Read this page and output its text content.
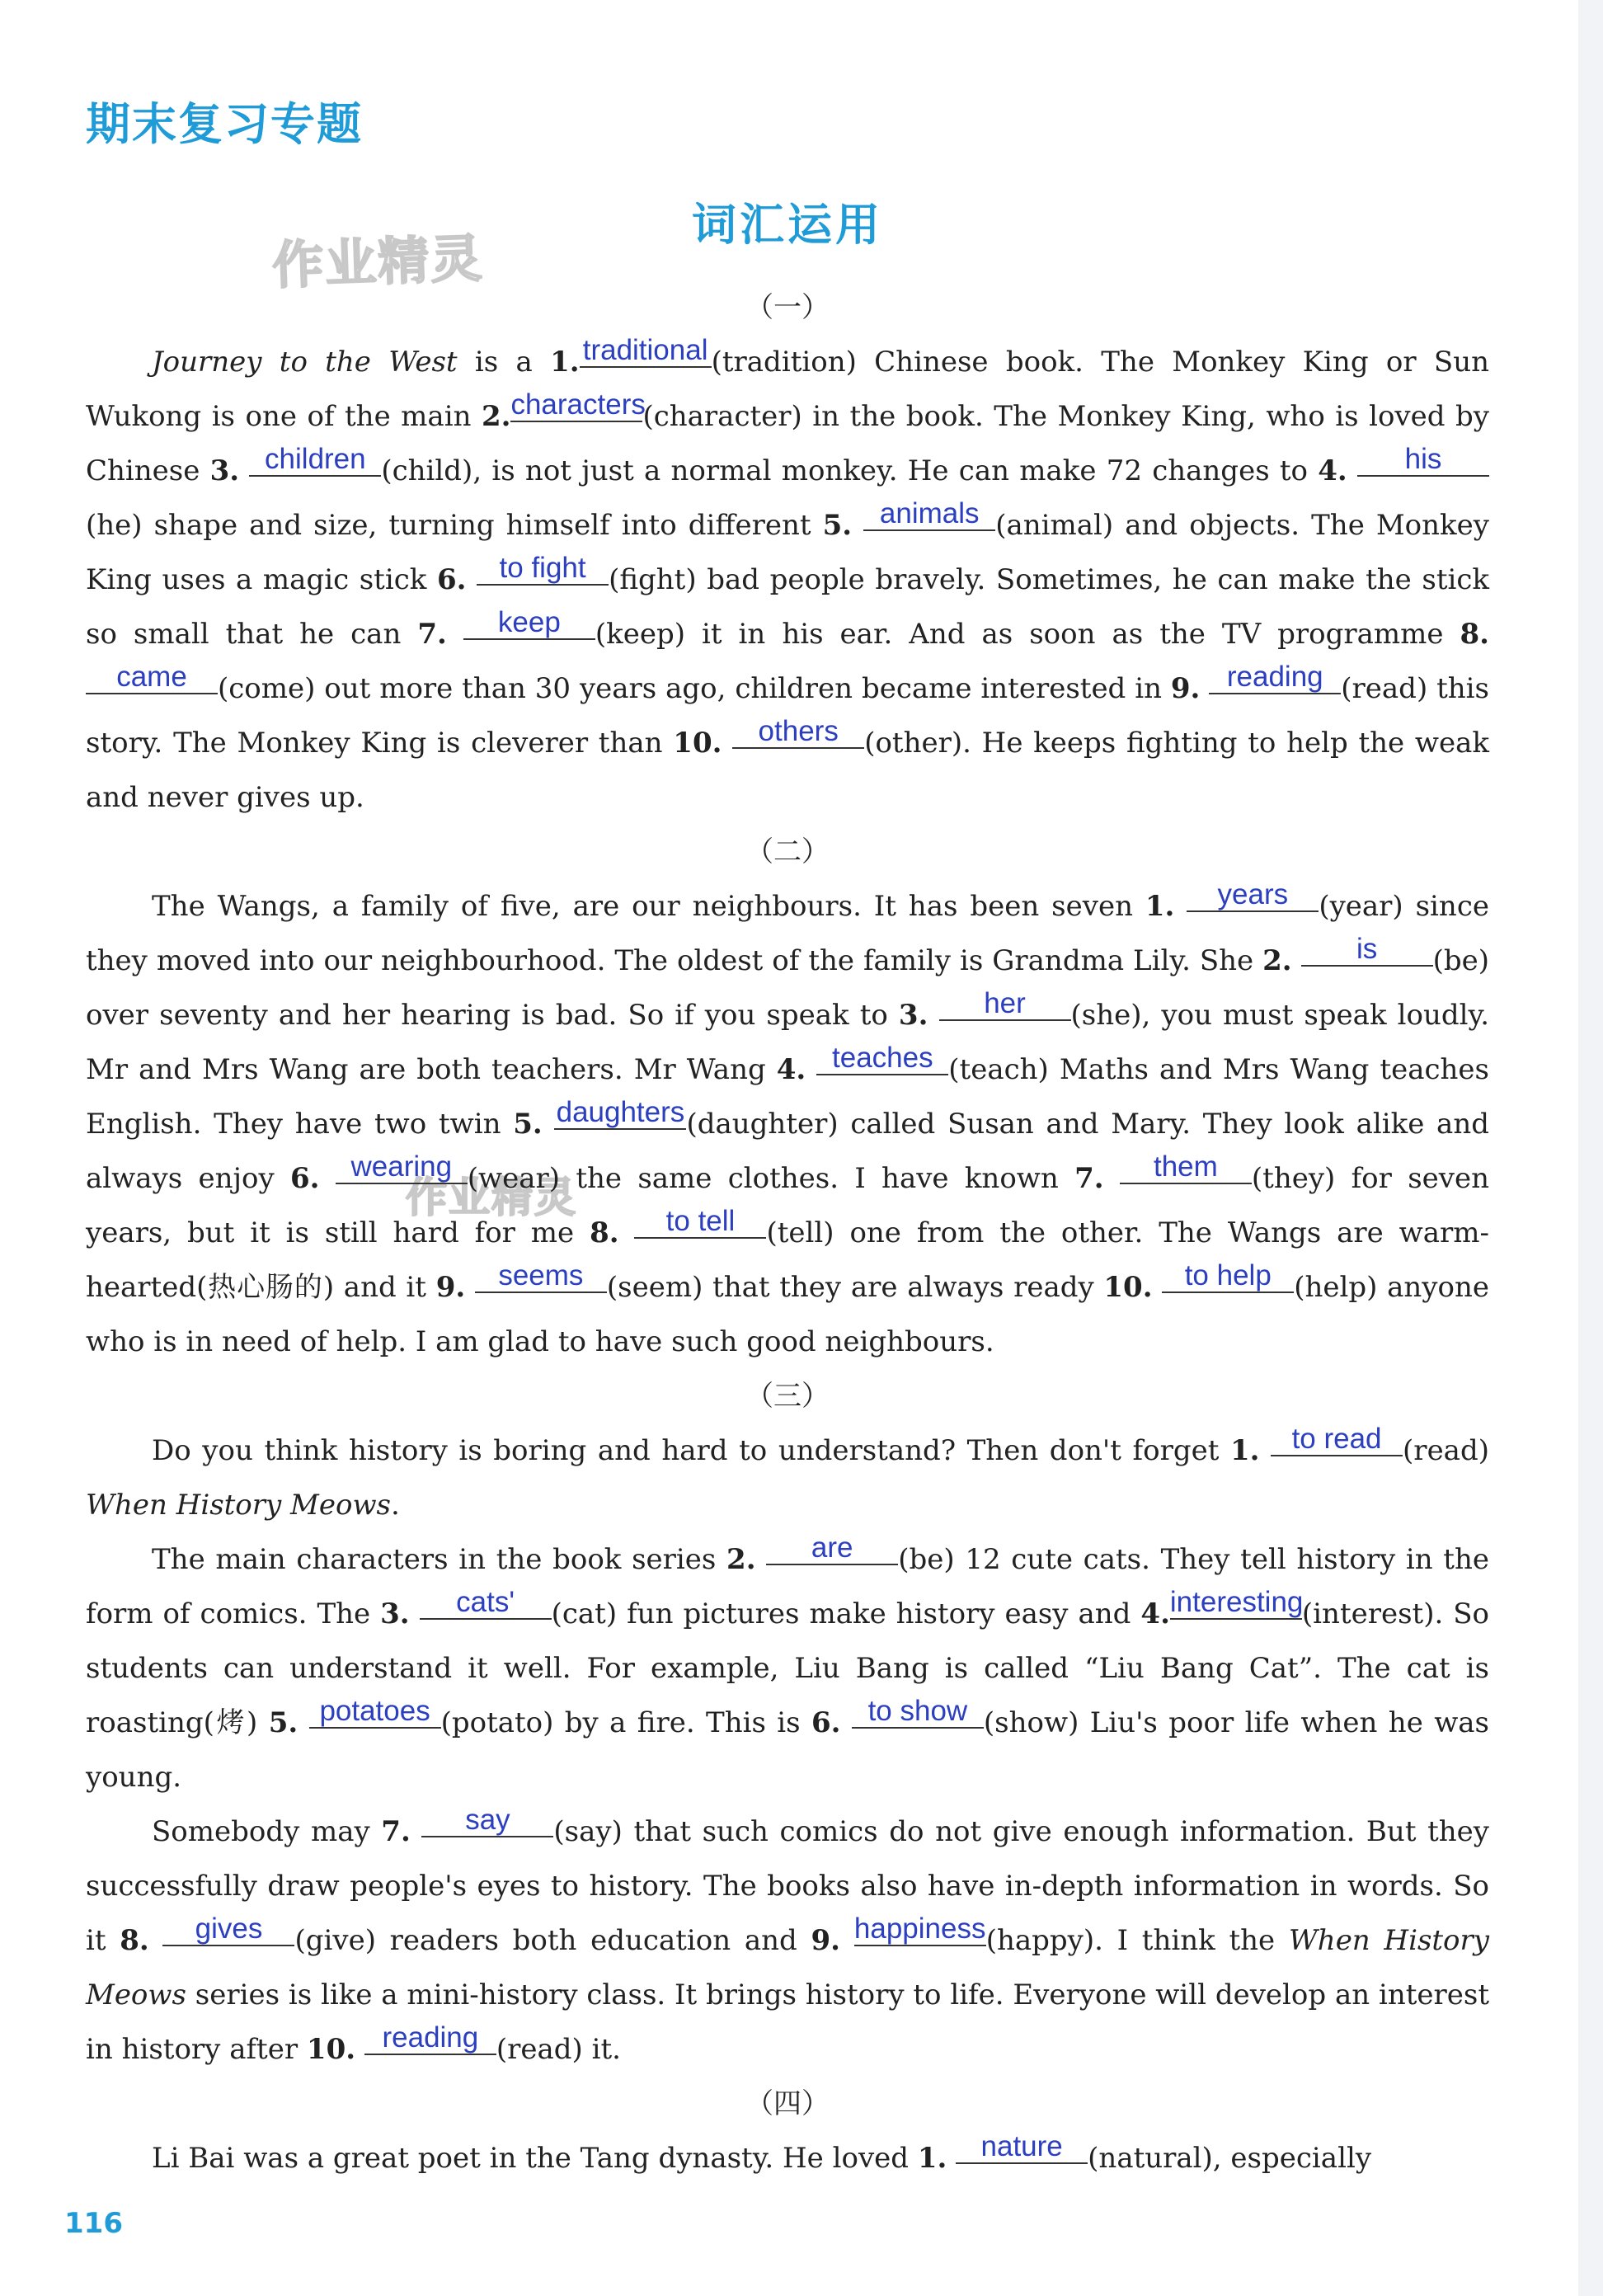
期末复习专题
作业精灵
作业精灵
词汇运用
（一）

Journey to the West is a 1. traditional (tradition) Chinese book. The Monkey King or Sun Wukong is one of the main 2.characters(character) in the book. The Monkey King, who is loved by Chinese 3. children (child), is not just a normal monkey. He can make 72 changes to 4. his(he) shape and size, turning himself into different 5. animals (animal) and objects. The Monkey King uses a magic stick 6. to fight (fight) bad people bravely. Sometimes, he can make the stick so small that he can 7. keep (keep) it in his ear. And as soon as the TV programme 8. came (come) out more than 30 years ago, children became interested in 9. reading (read) this story. The Monkey King is cleverer than 10. others (other). He keeps fighting to help the weak and never gives up.

（二）

The Wangs, a family of five, are our neighbours. It has been seven 1. years (year) since they moved into our neighbourhood. The oldest of the family is Grandma Lily. She 2. is (be) over seventy and her hearing is bad. So if you speak to 3. her (she), you must speak loudly. Mr and Mrs Wang are both teachers. Mr Wang 4. teaches (teach) Maths and Mrs Wang teaches English. They have two twin 5. daughters(daughter) called Susan and Mary. They look alike and always enjoy 6. wearing (wear) the same clothes. I have known 7. them (they) for seven years, but it is still hard for me 8. to tell (tell) one from the other. The Wangs are warm-hearted(热心肠的) and it 9. seems (seem) that they are always ready 10. to help (help) anyone who is in need of help. I am glad to have such good neighbours.

（三）

Do you think history is boring and hard to understand? Then don't forget 1. to read (read) When History Meows.

The main characters in the book series 2. are (be) 12 cute cats. They tell history in the form of comics. The 3. cats' (cat) fun pictures make history easy and 4.interesting(interest). So students can understand it well. For example, Liu Bang is called “Liu Bang Cat”. The cat is roasting(烤) 5. potatoes (potato) by a fire. This is 6. to show (show) Liu's poor life when he was young.

Somebody may 7. say (say) that such comics do not give enough information. But they successfully draw people's eyes to history. The books also have in-depth information in words. So it 8. gives (give) readers both education and 9. happiness(happy). I think the When History Meows series is like a mini-history class. It brings history to life. Everyone will develop an interest in history after 10. reading (read) it.

（四）

Li Bai was a great poet in the Tang dynasty. He loved 1. nature (natural), especially

116
